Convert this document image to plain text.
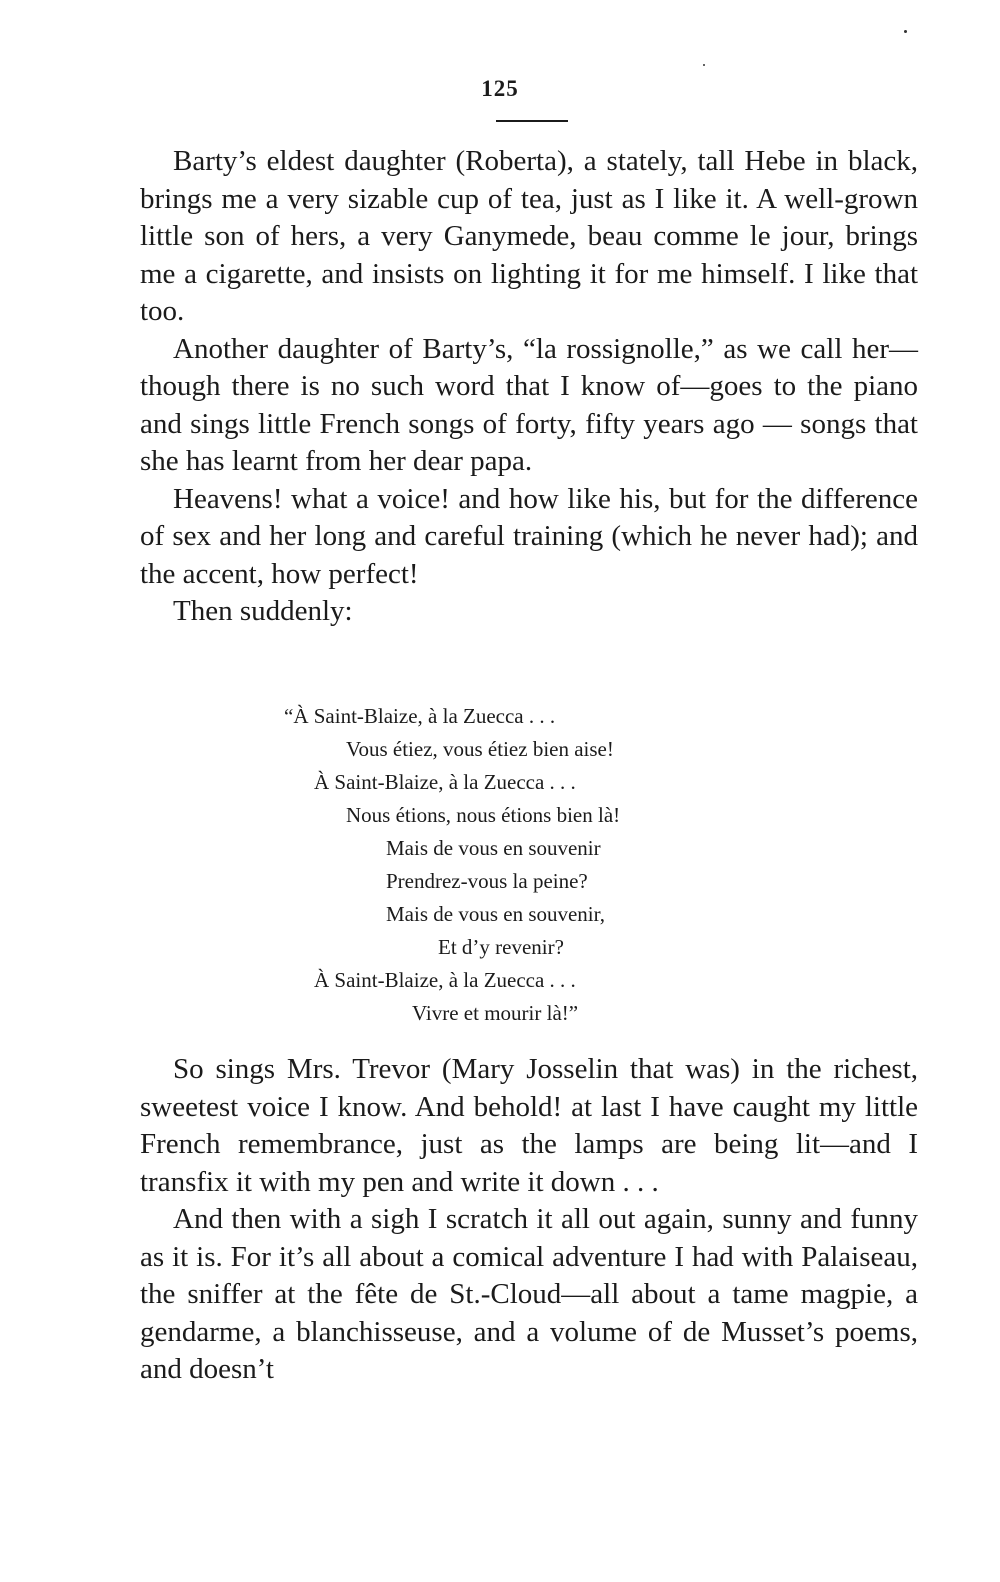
125

Barty’s eldest daughter (Roberta), a stately, tall Hebe in black, brings me a very sizable cup of tea, just as I like it. A well-grown little son of hers, a very Ganymede, beau comme le jour, brings me a cigarette, and insists on lighting it for me himself. I like that too.

Another daughter of Barty’s, “la rossignolle,” as we call her—though there is no such word that I know of—goes to the piano and sings little French songs of forty, fifty years ago — songs that she has learnt from her dear papa.

Heavens! what a voice! and how like his, but for the difference of sex and her long and careful training (which he never had); and the accent, how perfect!

Then suddenly:

“À Saint-Blaize, à la Zuecca . . .
Vous étiez, vous étiez bien aise!
À Saint-Blaize, à la Zuecca . . .
Nous étions, nous étions bien là!
Mais de vous en souvenir
Prendrez-vous la peine?
Mais de vous en souvenir,
Et d’y revenir?
À Saint-Blaize, à la Zuecca . . .
Vivre et mourir là!”

So sings Mrs. Trevor (Mary Josselin that was) in the richest, sweetest voice I know. And behold! at last I have caught my little French remembrance, just as the lamps are being lit—and I transfix it with my pen and write it down . . .

And then with a sigh I scratch it all out again, sunny and funny as it is. For it’s all about a comical adventure I had with Palaiseau, the sniffer at the fête de St.-Cloud—all about a tame magpie, a gendarme, a blanchisseuse, and a volume of de Musset’s poems, and doesn’t
